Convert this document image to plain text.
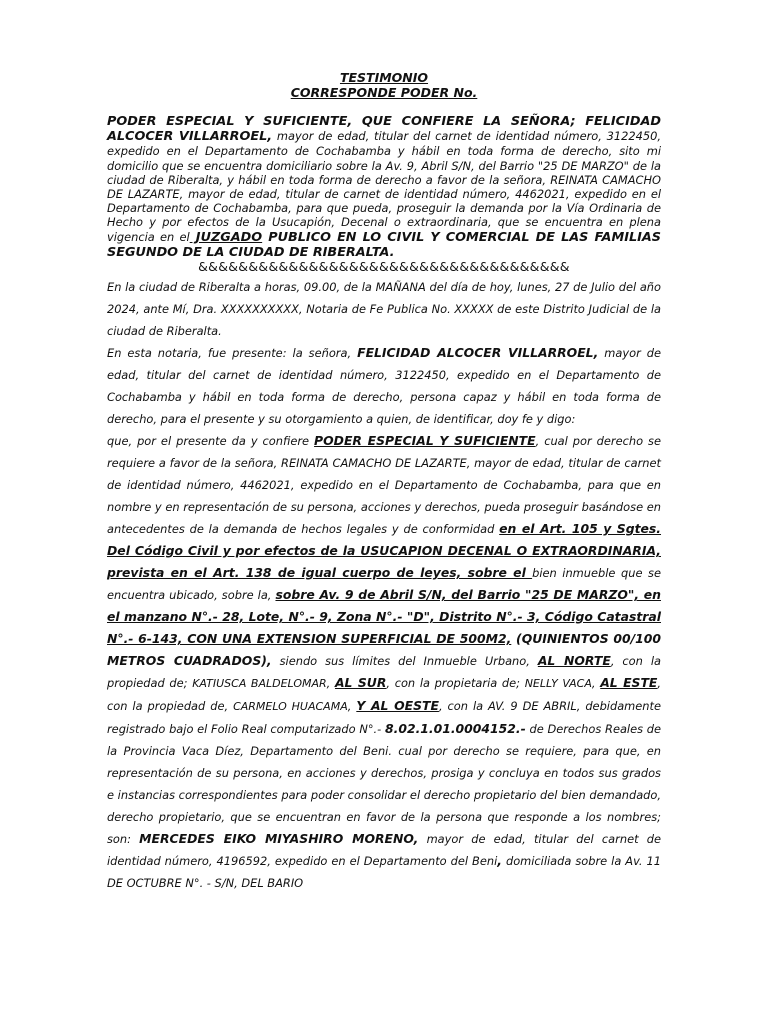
TESTIMONIO
CORRESPONDE PODER No.
PODER ESPECIAL Y SUFICIENTE, QUE CONFIERE LA SEÑORA; FELICIDAD ALCOCER VILLARROEL, mayor de edad, titular del carnet de identidad número, 3122450, expedido en el Departamento de Cochabamba y hábil en toda forma de derecho, sito mi domicilio que se encuentra domiciliario sobre la Av. 9, Abril S/N, del Barrio "25 DE MARZO" de la ciudad de Riberalta, y hábil en toda forma de derecho a favor de la señora, REINATA CAMACHO DE LAZARTE, mayor de edad, titular de carnet de identidad número, 4462021, expedido en el Departamento de Cochabamba, para que pueda, proseguir la demanda por la Vía Ordinaria de Hecho y por efectos de la Usucapión, Decenal o extraordinaria, que se encuentra en plena vigencia en el JUZGADO PUBLICO EN LO CIVIL Y COMERCIAL DE LAS FAMILIAS SEGUNDO DE LA CIUDAD DE RIBERALTA.
&&&&&&&&&&&&&&&&&&&&&&&&&&&&&&&&&&&&&

En la ciudad de Riberalta a horas, 09.00, de la MAÑANA del día de hoy, lunes, 27 de Julio del año 2024, ante Mí, Dra. XXXXXXXXXX, Notaria de Fe Publica No. XXXXX de este Distrito Judicial de la ciudad de Riberalta.

En esta notaria, fue presente: la señora, FELICIDAD ALCOCER VILLARROEL, mayor de edad, titular del carnet de identidad número, 3122450, expedido en el Departamento de Cochabamba y hábil en toda forma de derecho, persona capaz y hábil en toda forma de derecho, para el presente y su otorgamiento a quien, de identificar, doy fe y digo:

que, por el presente da y confiere PODER ESPECIAL Y SUFICIENTE, cual por derecho se requiere a favor de la señora, REINATA CAMACHO DE LAZARTE, mayor de edad, titular de carnet de identidad número, 4462021, expedido en el Departamento de Cochabamba, para que en nombre y en representación de su persona, acciones y derechos, pueda proseguir basándose en antecedentes de la demanda de hechos legales y de conformidad en el Art. 105 y Sgtes. Del Código Civil y por efectos de la USUCAPION DECENAL O EXTRAORDINARIA, prevista en el Art. 138 de igual cuerpo de leyes, sobre el bien inmueble que se encuentra ubicado, sobre la, sobre Av. 9 de Abril S/N, del Barrio "25 DE MARZO", en el manzano N°.- 28, Lote, N°.- 9, Zona N°.- "D", Distrito N°.- 3, Código Catastral N°.- 6-143, CON UNA EXTENSION SUPERFICIAL DE 500M2, (QUINIENTOS 00/100 METROS CUADRADOS), siendo sus límites del Inmueble Urbano, AL NORTE, con la propiedad de; KATIUSCA BALDELOMAR, AL SUR, con la propietaria de; NELLY VACA, AL ESTE, con la propiedad de, CARMELO HUACAMA, Y AL OESTE, con la AV. 9 DE ABRIL, debidamente registrado bajo el Folio Real computarizado N°.- 8.02.1.01.0004152.- de Derechos Reales de la Provincia Vaca Díez, Departamento del Beni. cual por derecho se requiere, para que, en representación de su persona, en acciones y derechos, prosiga y concluya en todos sus grados e instancias correspondientes para poder consolidar el derecho propietario del bien demandado, derecho propietario, que se encuentran en favor de la persona que responde a los nombres; son: MERCEDES EIKO MIYASHIRO MORENO, mayor de edad, titular del carnet de identidad número, 4196592, expedido en el Departamento del Beni, domiciliada sobre la Av. 11 DE OCTUBRE N°. - S/N, DEL BARIO
